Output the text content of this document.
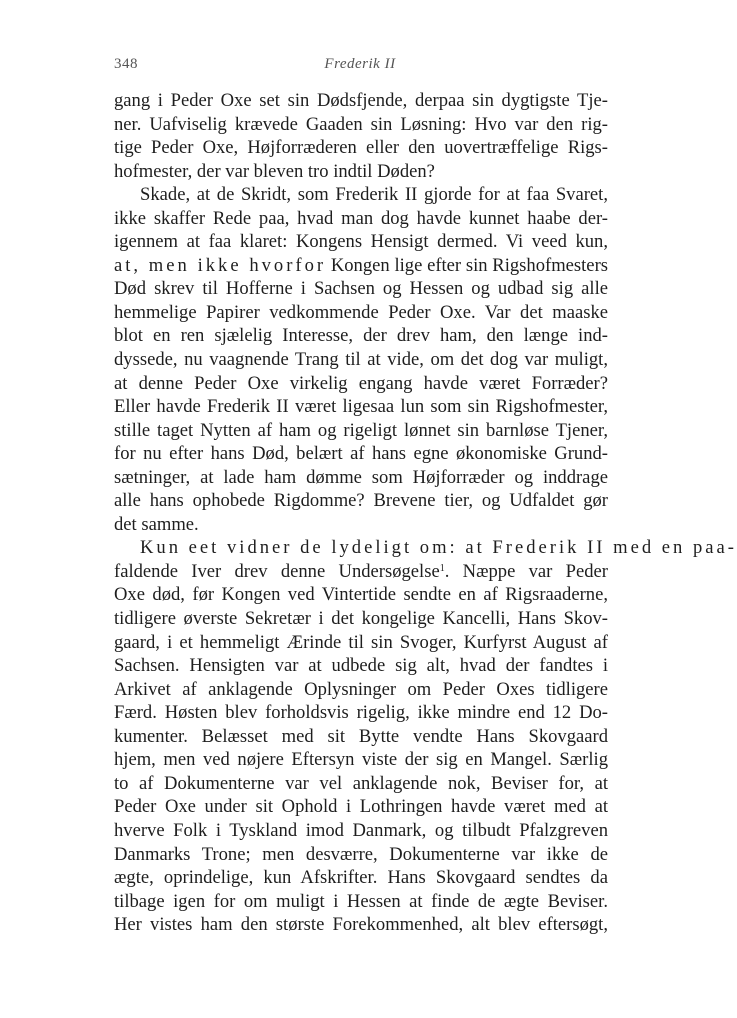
348	Frederik II
gang i Peder Oxe set sin Dødsfjende, derpaa sin dygtigste Tje-
ner. Uafviselig krævede Gaaden sin Løsning: Hvo var den rig-
tige Peder Oxe, Højforræderen eller den uovertræffelige Rigs-
hofmester, der var bleven tro indtil Døden?
Skade, at de Skridt, som Frederik II gjorde for at faa Svaret,
ikke skaffer Rede paa, hvad man dog havde kunnet haabe der-
igennem at faa klaret: Kongens Hensigt dermed. Vi veed kun,
at, men ikke hvorfor Kongen lige efter sin Rigshofmesters
Død skrev til Hofferne i Sachsen og Hessen og udbad sig alle
hemmelige Papirer vedkommende Peder Oxe. Var det maaske
blot en ren sjælelig Interesse, der drev ham, den længe ind-
dyssede, nu vaagnende Trang til at vide, om det dog var muligt,
at denne Peder Oxe virkelig engang havde været Forræder?
Eller havde Frederik II været ligesaa lun som sin Rigshofmester,
stille taget Nytten af ham og rigeligt lønnet sin barnløse Tjener,
for nu efter hans Død, belært af hans egne økonomiske Grund-
sætninger, at lade ham dømme som Højforræder og inddrage
alle hans ophobede Rigdomme? Brevene tier, og Udfaldet gør
det samme.
Kun eet vidner de lydeligt om: at Frederik II med en paa-
faldende Iver drev denne Undersøgelse$^1$. Næppe var Peder
Oxe død, før Kongen ved Vintertide sendte en af Rigsraaderne,
tidligere øverste Sekretær i det kongelige Kancelli, Hans Skov-
gaard, i et hemmeligt Ærinde til sin Svoger, Kurfyrst August af
Sachsen. Hensigten var at udbede sig alt, hvad der fandtes i
Arkivet af anklagende Oplysninger om Peder Oxes tidligere
Færd. Høsten blev forholdsvis rigelig, ikke mindre end 12 Do-
kumenter. Belæsset med sit Bytte vendte Hans Skovgaard
hjem, men ved nøjere Eftersyn viste der sig en Mangel. Særlig
to af Dokumenterne var vel anklagende nok, Beviser for, at
Peder Oxe under sit Ophold i Lothringen havde været med at
hverve Folk i Tyskland imod Danmark, og tilbudt Pfalzgreven
Danmarks Trone; men desværre, Dokumenterne var ikke de
ægte, oprindelige, kun Afskrifter. Hans Skovgaard sendtes da
tilbage igen for om muligt i Hessen at finde de ægte Beviser.
Her vistes ham den største Forekommenhed, alt blev eftersøgt,
